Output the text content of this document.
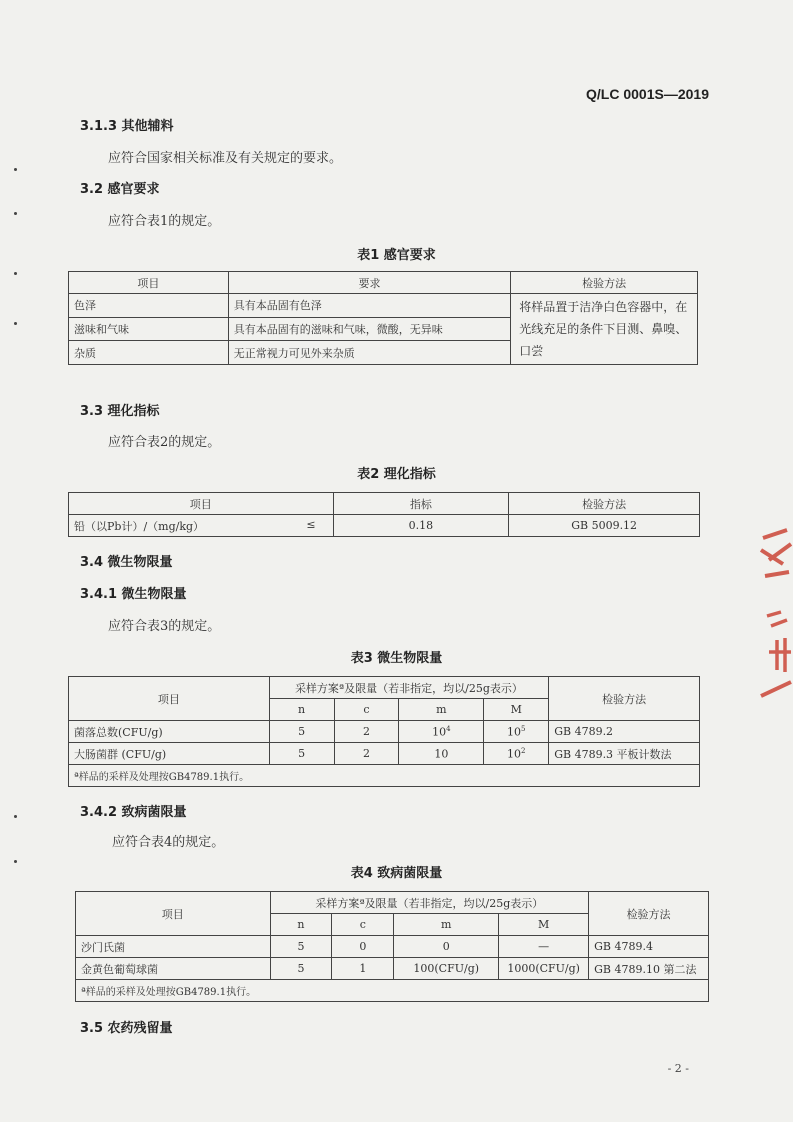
Q/LC 0001S—2019
3.1.3 其他辅料
应符合国家相关标准及有关规定的要求。
3.2 感官要求
应符合表1的规定。
表1 感官要求
项目	要求	检验方法
色泽	具有本品固有色泽	将样品置于洁净白色容器中，在光线充足的条件下目测、鼻嗅、口尝
滋味和气味	具有本品固有的滋味和气味，微酸，无异味	
杂质	无正常视力可见外来杂质	
3.3 理化指标
应符合表2的规定。
表2 理化指标
项目	指标	检验方法
铅（以Pb计）/（mg/kg） ≤	0.18	GB 5009.12
3.4 微生物限量
3.4.1 微生物限量
应符合表3的规定。
表3 微生物限量
项目	采样方案ª及限量（若非指定，均以/25g表示）				检验方法
	n	c	m	M	
菌落总数(CFU/g)	5	2	$10^4$	$10^5$	GB 4789.2
大肠菌群 (CFU/g)	5	2	10	$10^2$	GB 4789.3 平板计数法
ª样品的采样及处理按GB4789.1执行。					
3.4.2 致病菌限量
应符合表4的规定。
表4 致病菌限量
项目	采样方案ª及限量（若非指定，均以/25g表示）				检验方法
	n	c	m	M	
沙门氏菌	5	0	0	—	GB 4789.4
金黄色葡萄球菌	5	1	100(CFU/g)	1000(CFU/g)	GB 4789.10 第二法
ª样品的采样及处理按GB4789.1执行。					
3.5 农药残留量
- 2 -
